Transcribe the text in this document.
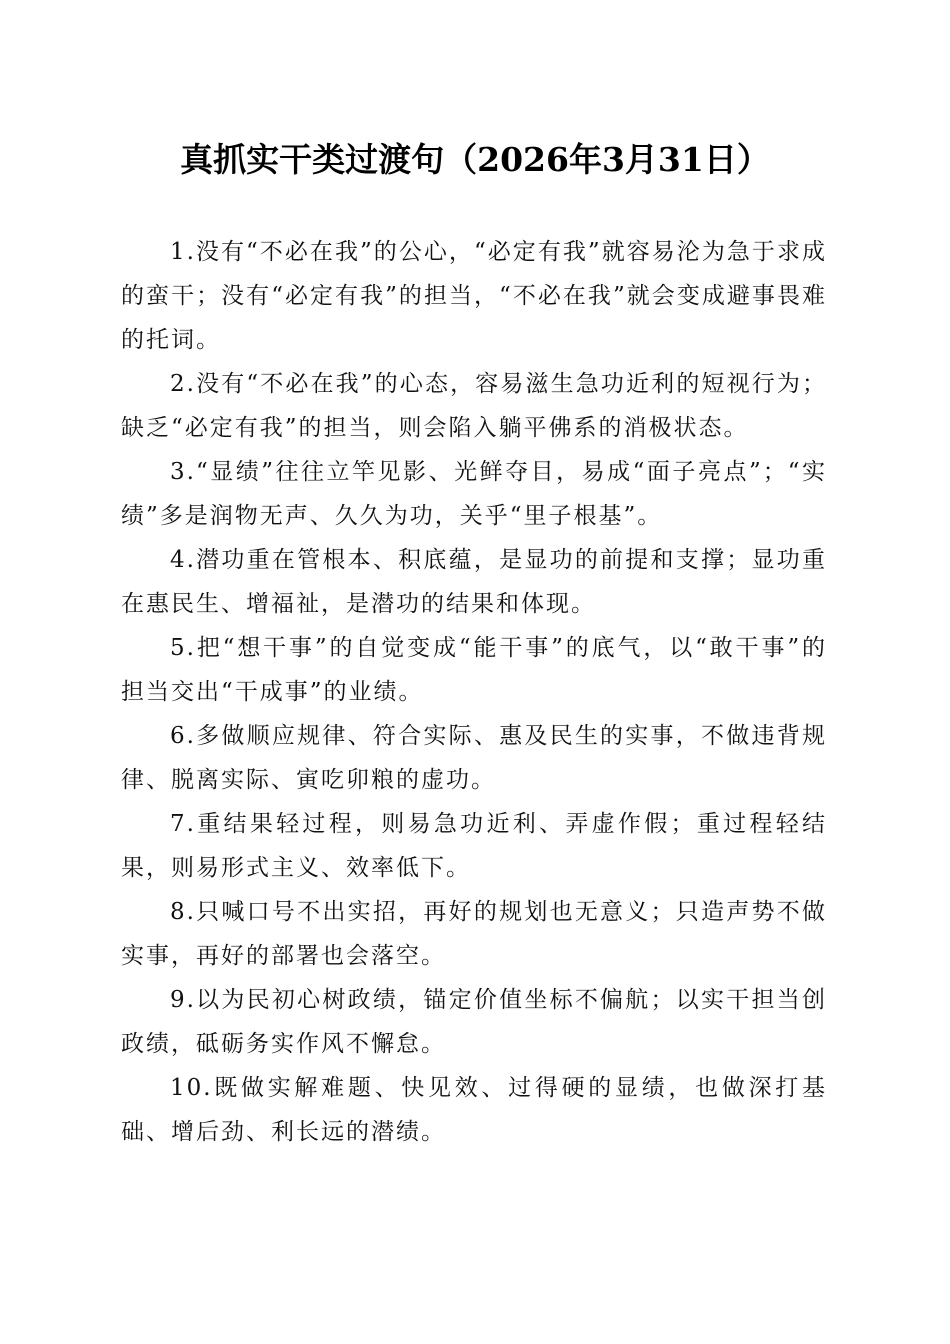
真抓实干类过渡句（2026年3月31日）

1.没有“不必在我”的公心，“必定有我”就容易沦为急于求成的蛮干；没有“必定有我”的担当，“不必在我”就会变成避事畏难的托词。

2.没有“不必在我”的心态，容易滋生急功近利的短视行为；缺乏“必定有我”的担当，则会陷入躺平佛系的消极状态。

3.“显绩”往往立竿见影、光鲜夺目，易成“面子亮点”；“实绩”多是润物无声、久久为功，关乎“里子根基”。

4.潜功重在管根本、积底蕴，是显功的前提和支撑；显功重在惠民生、增福祉，是潜功的结果和体现。

5.把“想干事”的自觉变成“能干事”的底气，以“敢干事”的担当交出“干成事”的业绩。

6.多做顺应规律、符合实际、惠及民生的实事，不做违背规律、脱离实际、寅吃卯粮的虚功。

7.重结果轻过程，则易急功近利、弄虚作假；重过程轻结果，则易形式主义、效率低下。

8.只喊口号不出实招，再好的规划也无意义；只造声势不做实事，再好的部署也会落空。

9.以为民初心树政绩，锚定价值坐标不偏航；以实干担当创政绩，砥砺务实作风不懈怠。

10.既做实解难题、快见效、过得硬的显绩，也做深打基础、增后劲、利长远的潜绩。
